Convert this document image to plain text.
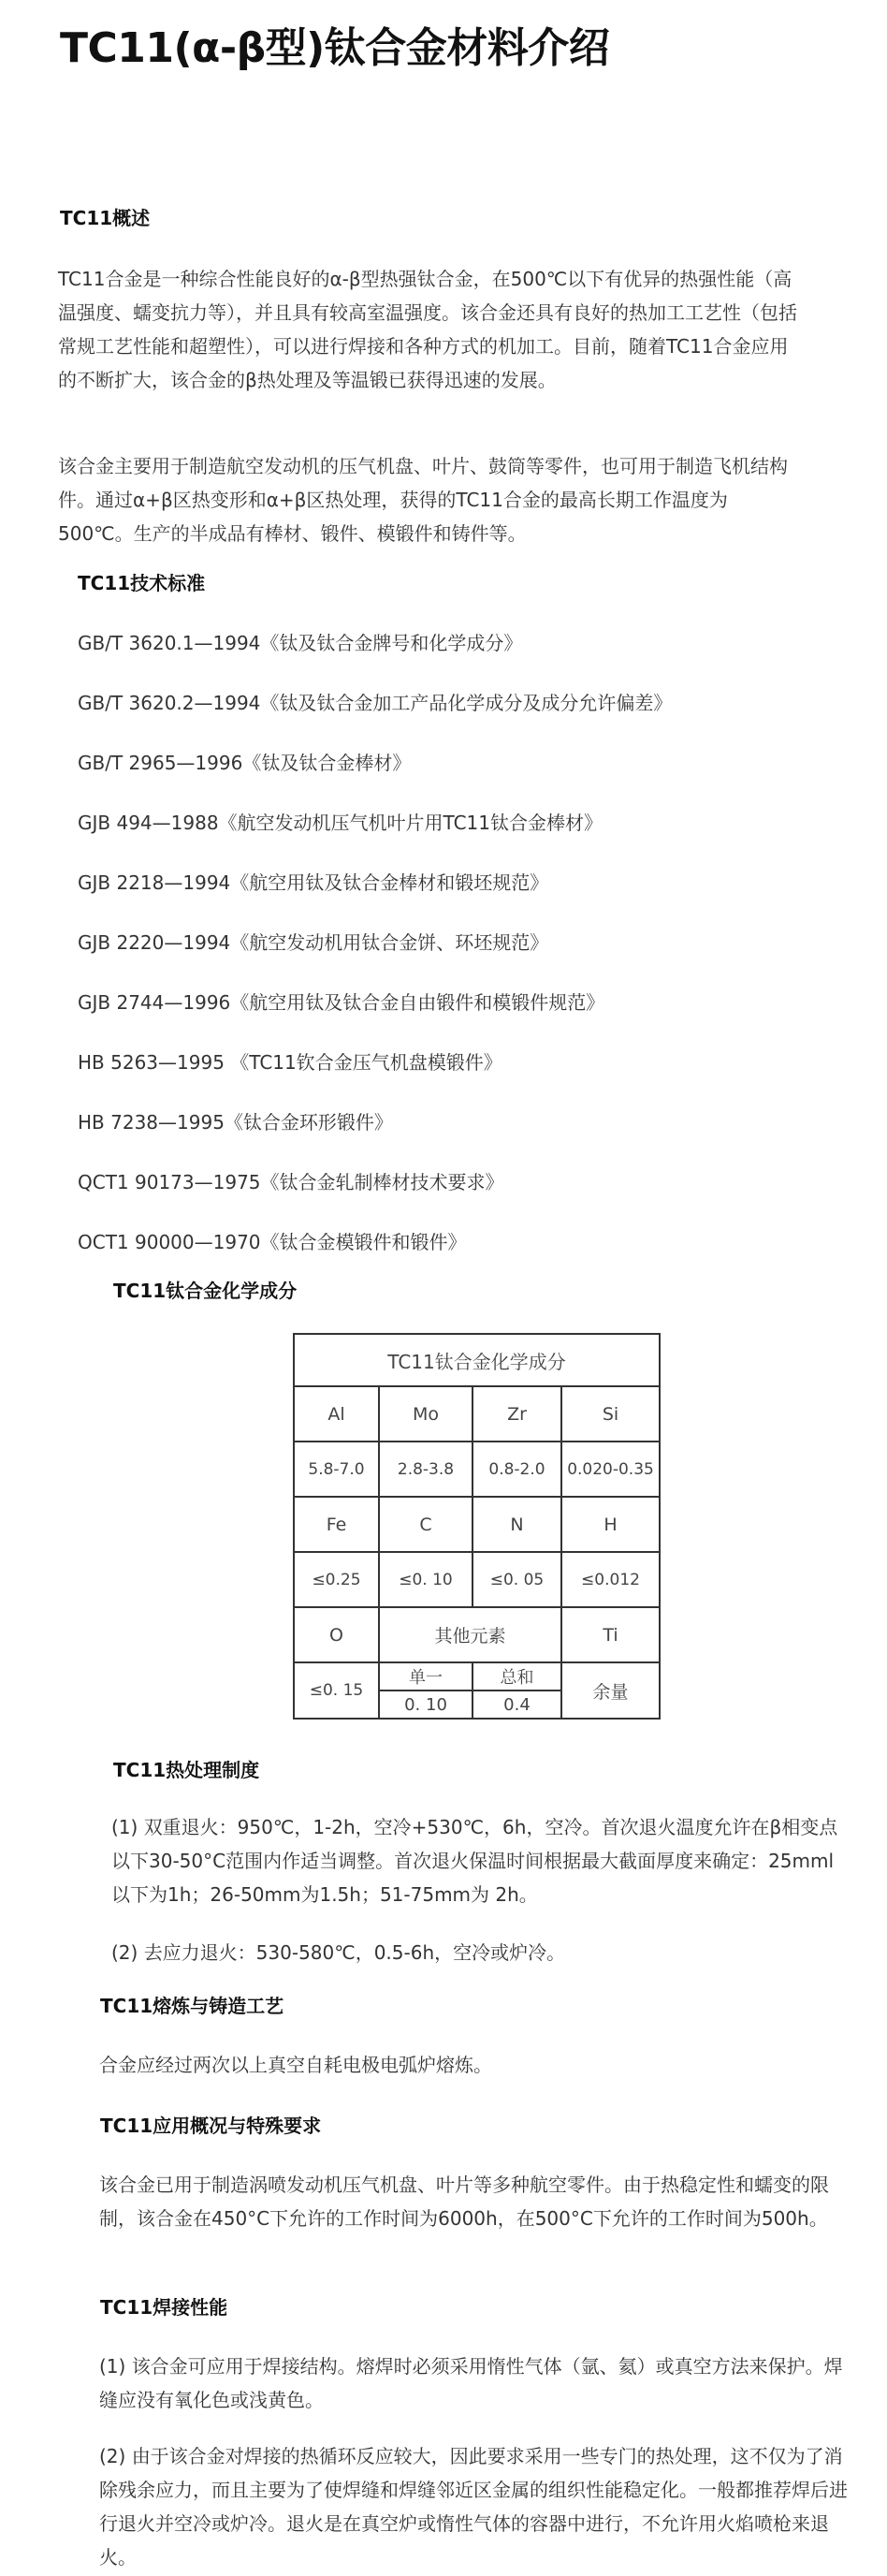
TC11(α-β型)钛合金材料介绍
TC11概述

TC11合金是一种综合性能良好的α-β型热强钛合金，在500℃以下有优异的热强性能（高温强度、蠕变抗力等），并且具有较高室温强度。该合金还具有良好的热加工工艺性（包括常规工艺性能和超塑性），可以进行焊接和各种方式的机加工。目前，随着TC11合金应用的不断扩大，该合金的β热处理及等温锻已获得迅速的发展。

该合金主要用于制造航空发动机的压气机盘、叶片、鼓筒等零件，也可用于制造飞机结构件。通过α+β区热变形和α+β区热处理，获得的TC11合金的最高长期工作温度为500℃。生产的半成品有棒材、锻件、模锻件和铸件等。

TC11技术标准

GB/T 3620.1—1994《钛及钛合金牌号和化学成分》

GB/T 3620.2—1994《钛及钛合金加工产品化学成分及成分允许偏差》

GB/T 2965—1996《钛及钛合金棒材》

GJB 494—1988《航空发动机压气机叶片用TC11钛合金棒材》

GJB 2218—1994《航空用钛及钛合金棒材和锻坯规范》

GJB 2220—1994《航空发动机用钛合金饼、环坯规范》

GJB 2744—1996《航空用钛及钛合金自由锻件和模锻件规范》

HB 5263—1995 《TC11钦合金压气机盘模锻件》

HB 7238—1995《钛合金环形锻件》

QCT1 90173—1975《钛合金轧制棒材技术要求》

OCT1 90000—1970《钛合金模锻件和锻件》

TC11钛合金化学成分
TC11钛合金化学成分			
Al	Mo	Zr	Si
5.8-7.0	2.8-3.8	0.8-2.0	0.020-0.35
Fe	C	N	H
≤0.25	≤0. 10	≤0. 05	≤0.012
O	其他元素		Ti
≤0. 15	单一	总和	余量
	0. 10	0.4	
TC11热处理制度

(1) 双重退火：950℃，1-2h，空冷+530℃，6h，空冷。首次退火温度允许在β相变点以下30-50°C范围内作适当调整。首次退火保温时间根据最大截面厚度来确定：25mml以下为1h；26-50mm为1.5h；51-75mm为 2h。

(2) 去应力退火：530-580℃，0.5-6h，空冷或炉冷。

TC11熔炼与铸造工艺

合金应经过两次以上真空自耗电极电弧炉熔炼。

TC11应用概况与特殊要求

该合金已用于制造涡喷发动机压气机盘、叶片等多种航空零件。由于热稳定性和蠕变的限制，该合金在450°C下允许的工作时间为6000h，在500°C下允许的工作时间为500h。

TC11焊接性能

(1) 该合金可应用于焊接结构。熔焊时必须采用惰性气体（氩、氦）或真空方法来保护。焊缝应没有氧化色或浅黄色。

(2) 由于该合金对焊接的热循环反应较大，因此要求采用一些专门的热处理，这不仅为了消除残余应力，而且主要为了使焊缝和焊缝邻近区金属的组织性能稳定化。一般都推荐焊后进行退火并空冷或炉冷。退火是在真空炉或惰性气体的容器中进行，不允许用火焰喷枪来退火。
